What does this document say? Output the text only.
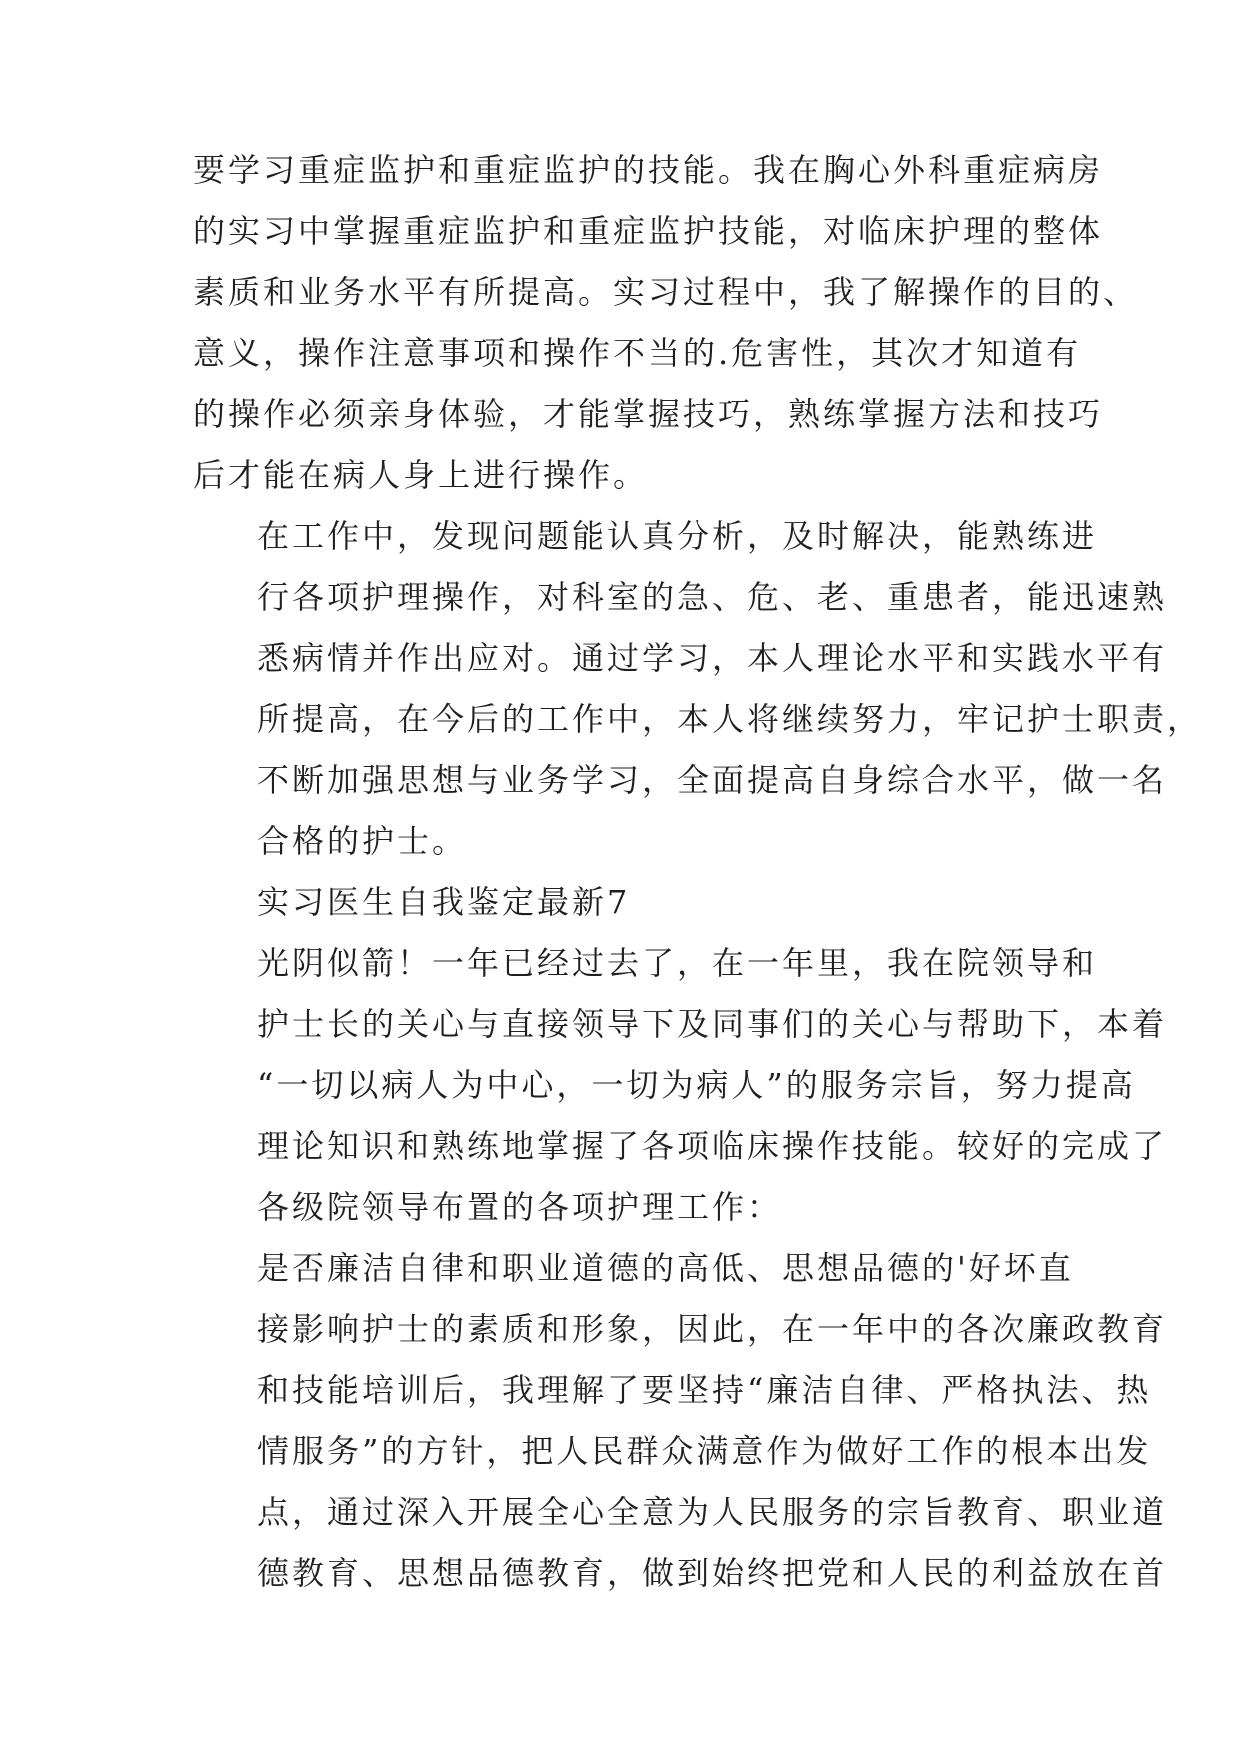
要学习重症监护和重症监护的技能。我在胸心外科重症病房
的实习中掌握重症监护和重症监护技能，对临床护理的整体
素质和业务水平有所提高。实习过程中，我了解操作的目的、
意义，操作注意事项和操作不当的.危害性，其次才知道有
的操作必须亲身体验，才能掌握技巧，熟练掌握方法和技巧
后才能在病人身上进行操作。

在工作中，发现问题能认真分析，及时解决，能熟练进
行各项护理操作，对科室的急、危、老、重患者，能迅速熟
悉病情并作出应对。通过学习，本人理论水平和实践水平有
所提高，在今后的工作中，本人将继续努力，牢记护士职责，
不断加强思想与业务学习，全面提高自身综合水平，做一名
合格的护士。

实习医生自我鉴定最新7

光阴似箭！一年已经过去了，在一年里，我在院领导和
护士长的关心与直接领导下及同事们的关心与帮助下，本着
“一切以病人为中心，一切为病人”的服务宗旨，努力提高
理论知识和熟练地掌握了各项临床操作技能。较好的完成了
各级院领导布置的各项护理工作：

是否廉洁自律和职业道德的高低、思想品德的'好坏直
接影响护士的素质和形象，因此，在一年中的各次廉政教育
和技能培训后，我理解了要坚持“廉洁自律、严格执法、热
情服务”的方针，把人民群众满意作为做好工作的根本出发
点，通过深入开展全心全意为人民服务的宗旨教育、职业道
德教育、思想品德教育，做到始终把党和人民的利益放在首
